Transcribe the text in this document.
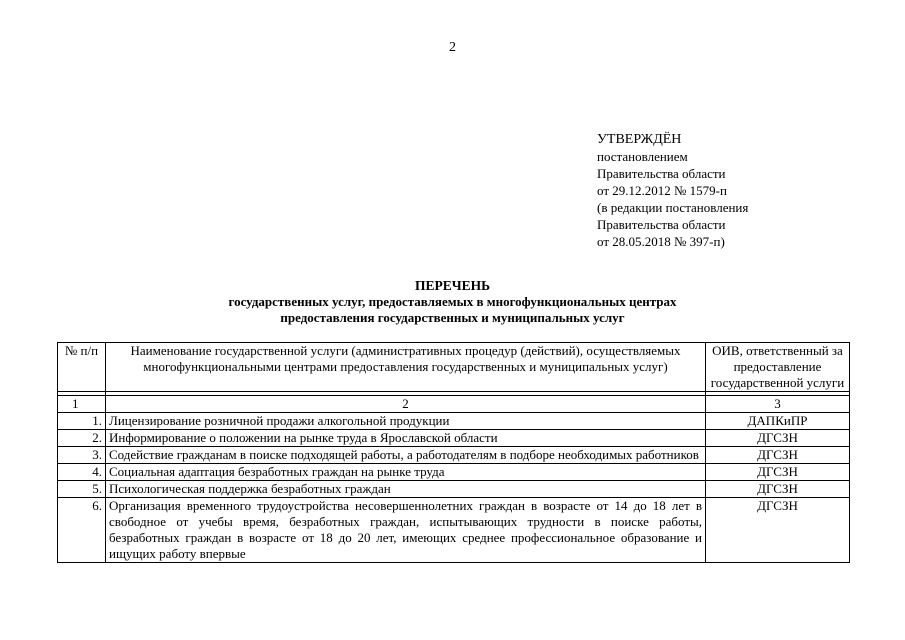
2
УТВЕРЖДЁН
постановлением
Правительства области
от 29.12.2012 № 1579-п
(в редакции постановления
Правительства области
от 28.05.2018 № 397-п)
ПЕРЕЧЕНЬ
государственных услуг, предоставляемых в многофункциональных центрах
предоставления государственных и муниципальных услуг
№ п/п	Наименование государственной услуги (административных процедур (действий), осуществляемых многофункциональными центрами предоставления государственных и муниципальных услуг)	ОИВ, ответственный за предоставление государственной услуги

1	2	3
1.	Лицензирование розничной продажи алкогольной продукции	ДАПКиПР
2.	Информирование о положении на рынке труда в Ярославской области	ДГСЗН
3.	Содействие гражданам в поиске подходящей работы, а работодателям в подборе необходимых работников	ДГСЗН
4.	Социальная адаптация безработных граждан на рынке труда	ДГСЗН
5.	Психологическая поддержка безработных граждан	ДГСЗН
6.	Организация временного трудоустройства несовершеннолетних граждан в возрасте от 14 до 18 лет в свободное от учебы время, безработных граждан, испытывающих трудности в поиске работы, безработных граждан в возрасте от 18 до 20 лет, имеющих среднее профессиональное образование и ищущих работу впервые	ДГСЗН
